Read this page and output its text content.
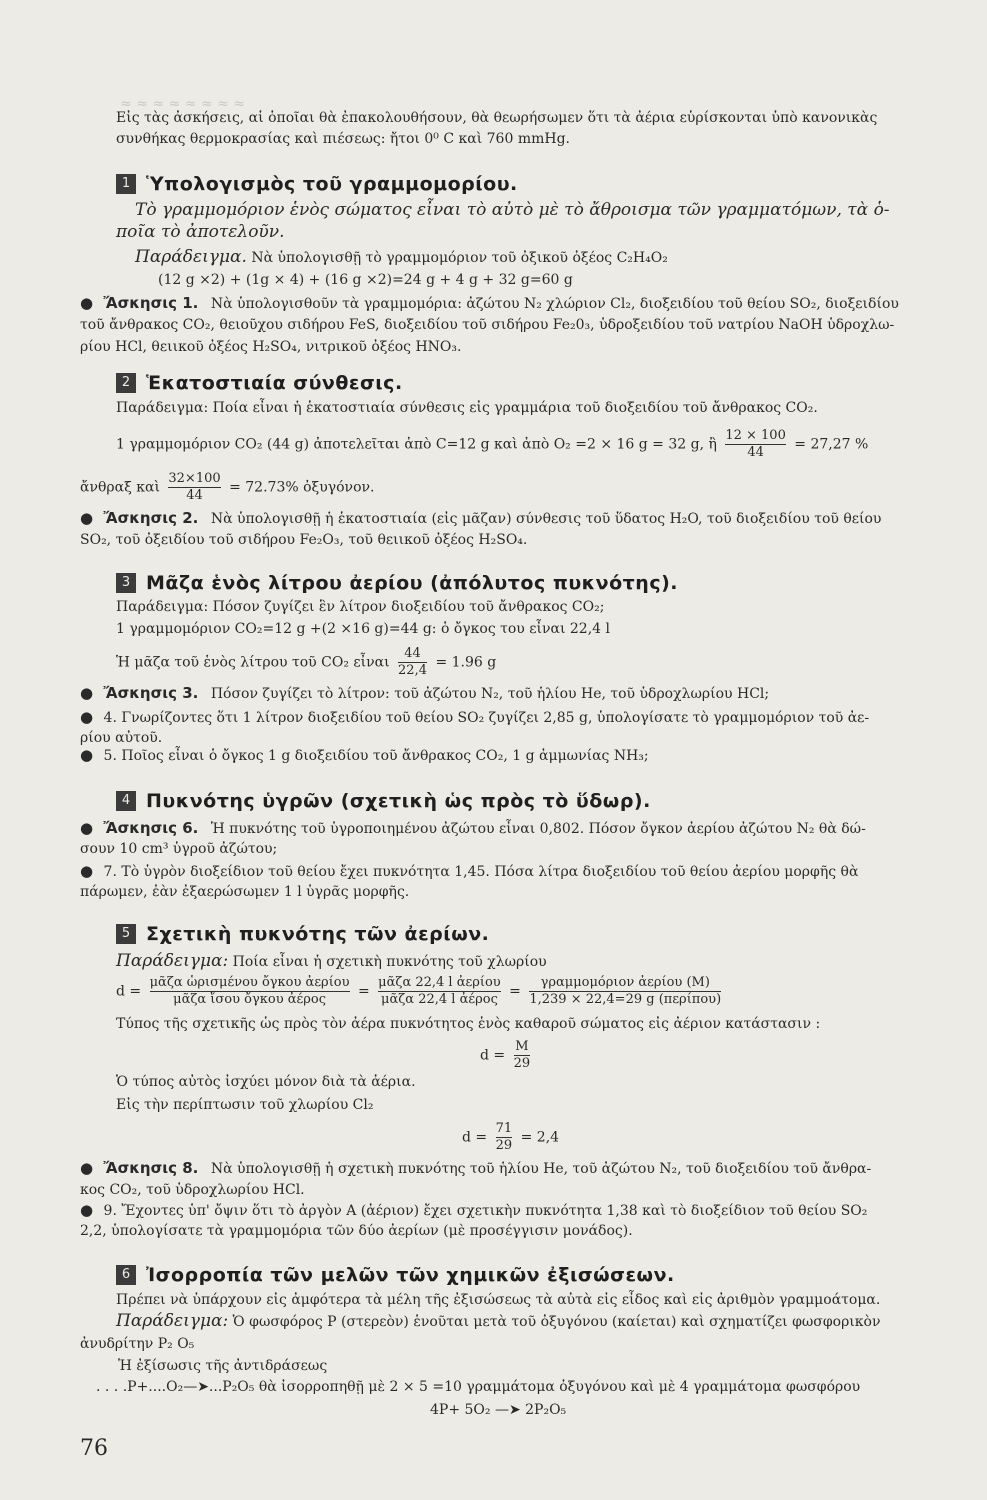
≈ ≈ ≈ ≈ ≈ ≈ ≈ ≈
Εἰς τὰς ἀσκήσεις, αἱ ὁποῖαι θὰ ἐπακολουθήσουν, θὰ θεωρήσωμεν ὅτι τὰ ἀέρια εὑρίσκονται ὑπὸ κανονικὰς
συνθήκας θερμοκρασίας καὶ πιέσεως: ἤτοι 0⁰ C καὶ 760 mmHg.
1 Ὑπολογισμὸς τοῦ γραμμομορίου.
Τὸ γραμμομόριον ἑνὸς σώματος εἶναι τὸ αὐτὸ μὲ τὸ ἄθροισμα τῶν γραμματόμων, τὰ ὁ-
ποῖα τὸ ἀποτελοῦν.
Παράδειγμα. Νὰ ὑπολογισθῇ τὸ γραμμομόριον τοῦ ὀξικοῦ ὀξέος C₂H₄O₂
(12 g ×2) + (1g × 4) + (16 g ×2)=24 g + 4 g + 32 g=60 g
● Ἄσκησις 1. Νὰ ὑπολογισθοῦν τὰ γραμμομόρια: ἀζώτου N₂ χλώριον Cl₂, διοξειδίου τοῦ θείου SO₂, διοξειδίου
τοῦ ἄνθρακος CO₂, θειοῦχου σιδήρου FeS, διοξειδίου τοῦ σιδήρου Fe₂0₃, ὑδροξειδίου τοῦ νατρίου NaOH ὑδροχλω-
ρίου HCl, θειικοῦ ὀξέος H₂SO₄, νιτρικοῦ ὀξέος HNO₃.
2 Ἑκατοστιαία σύνθεσις.
Παράδειγμα: Ποία εἶναι ἡ ἑκατοστιαία σύνθεσις εἰς γραμμάρια τοῦ διοξειδίου τοῦ ἄνθρακος CO₂.
1 γραμμομόριον CO₂ (44 g) ἀποτελεῖται ἀπὸ C=12 g καὶ ἀπὸ O₂ =2 × 16 g = 32 g, ἢ $\frac{12 \times 100}{44} = 27,27$ %
ἄνθραξ καὶ $\frac{32\times 100}{44} = 72.73\%$ ὀξυγόνον.
● Ἄσκησις 2. Νὰ ὑπολογισθῇ ἡ ἑκατοστιαία (εἰς μᾶζαν) σύνθεσις τοῦ ὕδατος H₂O, τοῦ διοξειδίου τοῦ θείου
SO₂, τοῦ ὀξειδίου τοῦ σιδήρου Fe₂O₃, τοῦ θειικοῦ ὀξέος H₂SO₄.
3 Μᾶζα ἑνὸς λίτρου ἀερίου (ἀπόλυτος πυκνότης).
Παράδειγμα: Πόσον ζυγίζει ἓν λίτρον διοξειδίου τοῦ ἄνθρακος CO₂;
1 γραμμομόριον CO₂=12 g +(2 ×16 g)=44 g: ὁ ὄγκος του εἶναι 22,4 l
Ἡ μᾶζα τοῦ ἑνὸς λίτρου τοῦ CO₂ εἶναι $\frac{44}{22,4} = 1.96$ g
● Ἄσκησις 3. Πόσον ζυγίζει τὸ λίτρον: τοῦ ἀζώτου N₂, τοῦ ἡλίου He, τοῦ ὑδροχλωρίου HCl;
● 4. Γνωρίζοντες ὅτι 1 λίτρον διοξειδίου τοῦ θείου SO₂ ζυγίζει 2,85 g, ὑπολογίσατε τὸ γραμμομόριον τοῦ ἀε-
ρίου αὐτοῦ.
● 5. Ποῖος εἶναι ὁ ὄγκος 1 g διοξειδίου τοῦ ἄνθρακος CO₂, 1 g ἀμμωνίας NH₃;
4 Πυκνότης ὑγρῶν (σχετικὴ ὡς πρὸς τὸ ὕδωρ).
● Ἄσκησις 6. Ἡ πυκνότης τοῦ ὑγροποιημένου ἀζώτου εἶναι 0,802. Πόσον ὄγκον ἀερίου ἀζώτου N₂ θὰ δώ-
σουν 10 cm³ ὑγροῦ ἀζώτου;
● 7. Τὸ ὑγρὸν διοξείδιον τοῦ θείου ἔχει πυκνότητα 1,45. Πόσα λίτρα διοξειδίου τοῦ θείου ἀερίου μορφῆς θὰ
πάρωμεν, ἐὰν ἐξαερώσωμεν 1 l ὑγρᾶς μορφῆς.
5 Σχετικὴ πυκνότης τῶν ἀερίων.
Παράδειγμα: Ποία εἶναι ἡ σχετικὴ πυκνότης τοῦ χλωρίου
$d = \frac{\text{μᾶζα ὡρισμένου ὄγκου ἀερίου}}{\text{μᾶζα ἴσου ὄγκου ἀέρος}} = \frac{\text{μᾶζα 22,4 l ἀερίου}}{\text{μᾶζα 22,4 l ἀέρος}} = \frac{\text{γραμμομόριον ἀερίου (M)}}{\text{1,239 × 22,4=29 g (περίπου)}}$
Τύπος τῆς σχετικῆς ὡς πρὸς τὸν ἀέρα πυκνότητος ἑνὸς καθαροῦ σώματος εἰς ἀέριον κατάστασιν :
$d = \frac{M}{29}$
Ὁ τύπος αὐτὸς ἰσχύει μόνον διὰ τὰ ἀέρια.
Εἰς τὴν περίπτωσιν τοῦ χλωρίου Cl₂
$d = \frac{71}{29} = 2,4$
● Ἄσκησις 8. Νὰ ὑπολογισθῇ ἡ σχετικὴ πυκνότης τοῦ ἡλίου He, τοῦ ἀζώτου N₂, τοῦ διοξειδίου τοῦ ἄνθρα-
κος CO₂, τοῦ ὑδροχλωρίου HCl.
● 9. Ἔχοντες ὑπ' ὄψιν ὅτι τὸ ἀργὸν A (ἀέριον) ἔχει σχετικὴν πυκνότητα 1,38 καὶ τὸ διοξείδιον τοῦ θείου SO₂
2,2, ὑπολογίσατε τὰ γραμμομόρια τῶν δύο ἀερίων (μὲ προσέγγισιν μονάδος).
6 Ἰσορροπία τῶν μελῶν τῶν χημικῶν ἐξισώσεων.
Πρέπει νὰ ὑπάρχουν εἰς ἀμφότερα τὰ μέλη τῆς ἐξισώσεως τὰ αὐτὰ εἰς εἶδος καὶ εἰς ἀριθμὸν γραμμοάτομα.
Παράδειγμα: Ὁ φωσφόρος P (στερεὸν) ἑνοῦται μετὰ τοῦ ὀξυγόνου (καίεται) καὶ σχηματίζει φωσφορικὸν
ἀνυδρίτην P₂ O₅
Ἡ ἐξίσωσις τῆς ἀντιδράσεως
. . . .P+....O₂—➤...P₂O₅ θὰ ἰσορροπηθῇ μὲ 2 × 5 =10 γραμμάτομα ὀξυγόνου καὶ μὲ 4 γραμμάτομα φωσφόρου
4P+ 5O₂ —➤ 2P₂O₅
76
